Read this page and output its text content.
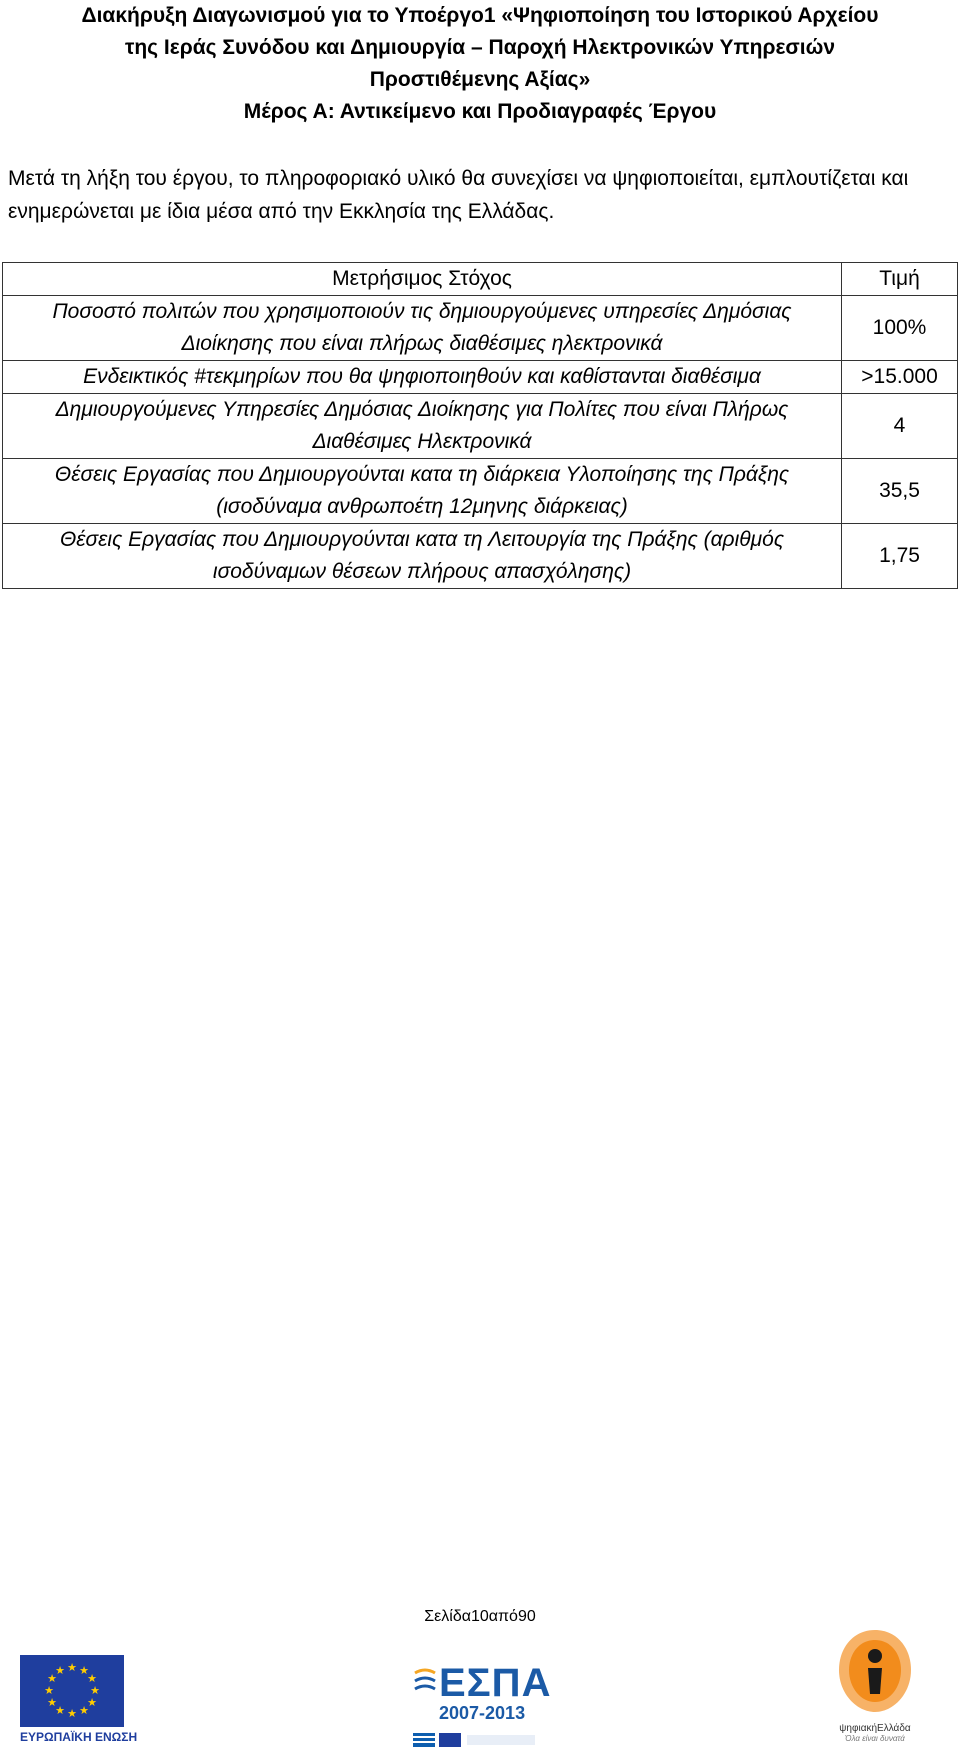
Διακήρυξη Διαγωνισμού για το Υποέργο1 «Ψηφιοποίηση του Ιστορικού Αρχείου
της Ιεράς Συνόδου και Δημιουργία – Παροχή Ηλεκτρονικών Υπηρεσιών
Προστιθέμενης Αξίας»
Μέρος Α: Αντικείμενο και Προδιαγραφές Έργου
Μετά τη λήξη του έργου, το πληροφοριακό υλικό θα συνεχίσει να ψηφιοποιείται, εμπλουτίζεται και ενημερώνεται με ίδια μέσα από την Εκκλησία της Ελλάδας.
Μετρήσιμος Στόχος	Τιμή
Ποσοστό πολιτών που χρησιμοποιούν τις δημιουργούμενες υπηρεσίες Δημόσιας Διοίκησης που είναι πλήρως διαθέσιμες ηλεκτρονικά	100%
Ενδεικτικός #τεκμηρίων που θα ψηφιοποιηθούν και καθίστανται διαθέσιμα	>15.000
Δημιουργούμενες Υπηρεσίες Δημόσιας Διοίκησης για Πολίτες που είναι Πλήρως Διαθέσιμες Ηλεκτρονικά	4
Θέσεις Εργασίας που Δημιουργούνται κατα τη διάρκεια Υλοποίησης της Πράξης (ισοδύναμα ανθρωποέτη 12μηνης διάρκειας)	35,5
Θέσεις Εργασίας που Δημιουργούνται κατα τη Λειτουργία της Πράξης (αριθμός ισοδύναμων θέσεων πλήρους απασχόλησης)	1,75
Σελίδα10από90
★ ★
★
★
★
★
★
★
★
★
★
★
ΕΥΡΩΠΑΪΚΗ ΕΝΩΣΗ
ΕΣΠΑ
2007-2013
ψηφιακήΕλλάδα
Όλα είναι δυνατά
